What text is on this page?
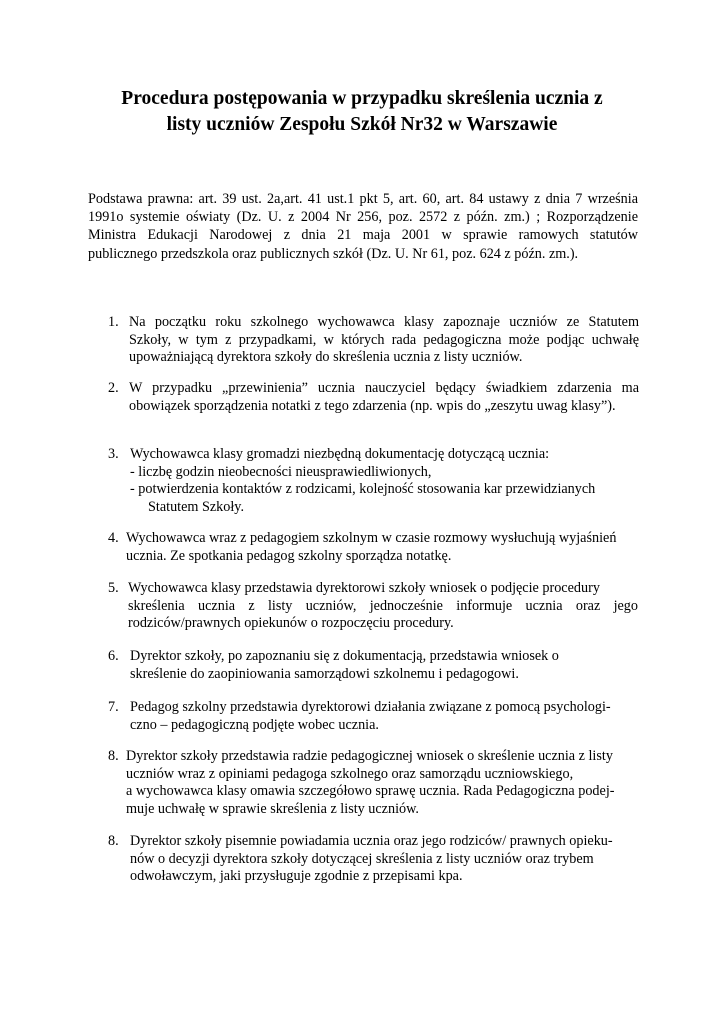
Procedura postępowania w przypadku skreślenia ucznia z
listy uczniów Zespołu Szkół Nr32 w Warszawie
Podstawa prawna: art. 39 ust. 2a,art. 41 ust.1 pkt 5, art. 60, art. 84 ustawy z dnia 7 września
1991o systemie oświaty (Dz. U. z 2004 Nr 256, poz. 2572 z późn. zm.) ; Rozporządzenie
Ministra Edukacji Narodowej z dnia 21 maja 2001 w sprawie ramowych statutów
publicznego przedszkola oraz publicznych szkół (Dz. U. Nr 61, poz. 624 z późn. zm.).
1. Na początku roku szkolnego wychowawca klasy zapoznaje uczniów ze Statutem
Szkoły, w tym z przypadkami, w których rada pedagogiczna może podjąc uchwałę
upoważniającą dyrektora szkoły do skreślenia ucznia z listy uczniów.
2. W przypadku „przewinienia” ucznia nauczyciel będący świadkiem zdarzenia ma
obowiązek sporządzenia notatki z tego zdarzenia (np. wpis do „zeszytu uwag klasy”).
3. Wychowawca klasy gromadzi niezbędną dokumentację dotyczącą ucznia:
- liczbę godzin nieobecności nieusprawiedliwionych,
- potwierdzenia kontaktów z rodzicami, kolejność stosowania kar przewidzianych
Statutem Szkoły.
4. Wychowawca wraz z pedagogiem szkolnym w czasie rozmowy wysłuchują wyjaśnień
ucznia. Ze spotkania pedagog szkolny sporządza notatkę.
5. Wychowawca klasy przedstawia dyrektorowi szkoły wniosek o podjęcie procedury
skreślenia ucznia z listy uczniów, jednocześnie informuje ucznia oraz jego
rodziców/prawnych opiekunów o rozpoczęciu procedury.
6. Dyrektor szkoły, po zapoznaniu się z dokumentacją, przedstawia wniosek o
skreślenie do zaopiniowania samorządowi szkolnemu i pedagogowi.
7. Pedagog szkolny przedstawia dyrektorowi działania związane z pomocą psychologi-
czno – pedagogiczną podjęte wobec ucznia.
8. Dyrektor szkoły przedstawia radzie pedagogicznej wniosek o skreślenie ucznia z listy
uczniów wraz z opiniami pedagoga szkolnego oraz samorządu uczniowskiego,
a wychowawca klasy omawia szczegółowo sprawę ucznia. Rada Pedagogiczna podej-
muje uchwałę w sprawie skreślenia z listy uczniów.
8. Dyrektor szkoły pisemnie powiadamia ucznia oraz jego rodziców/ prawnych opieku-
nów o decyzji dyrektora szkoły dotyczącej skreślenia z listy uczniów oraz trybem
odwoławczym, jaki przysługuje zgodnie z przepisami kpa.
